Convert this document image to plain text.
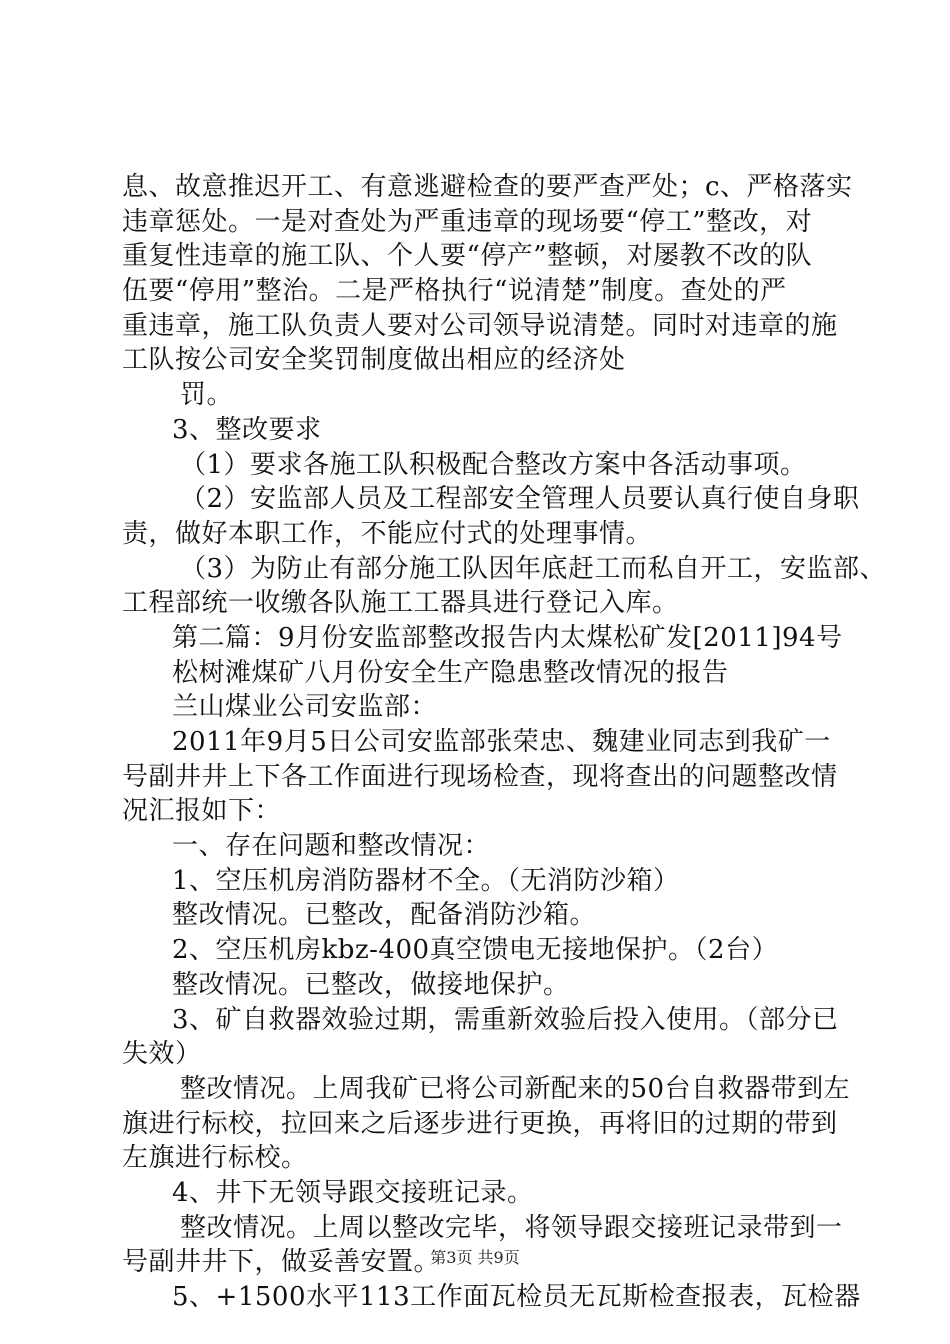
息、故意推迟开工、有意逃避检查的要严查严处；c、严格落实
违章惩处。一是对查处为严重违章的现场要“停工”整改，对
重复性违章的施工队、个人要“停产”整顿，对屡教不改的队
伍要“停用”整治。二是严格执行“说清楚”制度。查处的严
重违章，施工队负责人要对公司领导说清楚。同时对违章的施
工队按公司安全奖罚制度做出相应的经济处
罚。
3、整改要求
（1）要求各施工队积极配合整改方案中各活动事项。
（2）安监部人员及工程部安全管理人员要认真行使自身职
责，做好本职工作，不能应付式的处理事情。
（3）为防止有部分施工队因年底赶工而私自开工，安监部、
工程部统一收缴各队施工工器具进行登记入库。
第二篇：9月份安监部整改报告内太煤松矿发[2011]94号
松树滩煤矿八月份安全生产隐患整改情况的报告
兰山煤业公司安监部：
2011年9月5日公司安监部张荣忠、魏建业同志到我矿一
号副井井上下各工作面进行现场检查，现将查出的问题整改情
况汇报如下：
一、存在问题和整改情况：
1、空压机房消防器材不全。（无消防沙箱）
整改情况。已整改，配备消防沙箱。
2、空压机房kbz-400真空馈电无接地保护。（2台）
整改情况。已整改，做接地保护。
3、矿自救器效验过期，需重新效验后投入使用。（部分已
失效）
整改情况。上周我矿已将公司新配来的50台自救器带到左
旗进行标校，拉回来之后逐步进行更换，再将旧的过期的带到
左旗进行标校。
4、井下无领导跟交接班记录。
整改情况。上周以整改完毕，将领导跟交接班记录带到一
号副井井下，做妥善安置。
5、+1500水平113工作面瓦检员无瓦斯检查报表，瓦检器
第3页 共9页
